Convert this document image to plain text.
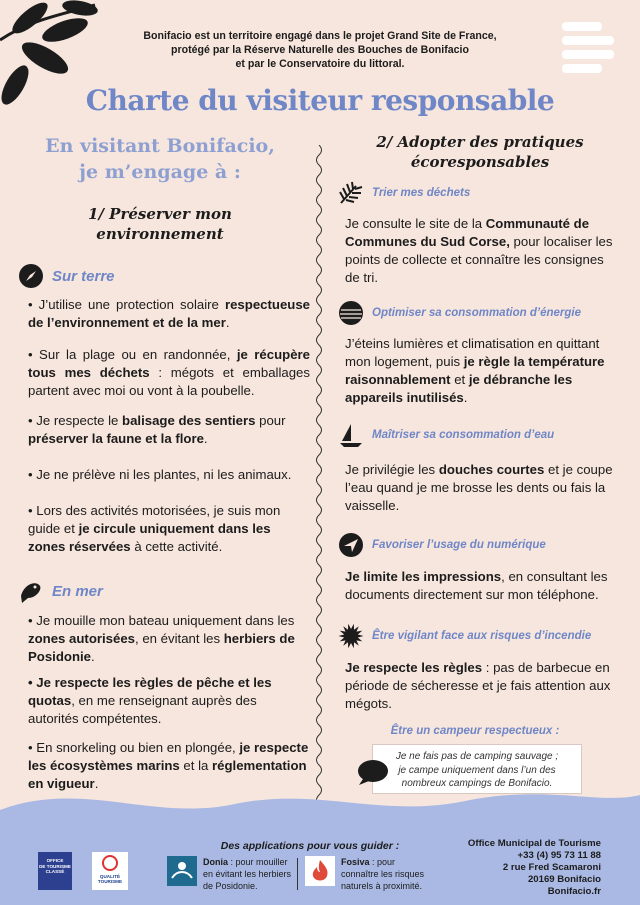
Bonifacio est un territoire engagé dans le projet Grand Site de France,
protégé par la Réserve Naturelle des Bouches de Bonifacio
et par le Conservatoire du littoral.
Charte du visiteur responsable
En visitant Bonifacio,
je m’engage à :
1/ Préserver mon
environnement
Sur terre
• J’utilise une protection solaire respectueuse de l’environnement et de la mer.
• Sur la plage ou en randonnée, je récupère tous mes déchets : mégots et emballages partent avec moi ou vont à la poubelle.
• Je respecte le balisage des sentiers pour préserver la faune et la flore.
• Je ne prélève ni les plantes, ni les animaux.
• Lors des activités motorisées, je suis mon guide et je circule uniquement dans les zones réservées à cette activité.
En mer
• Je mouille mon bateau uniquement dans les zones autorisées, en évitant les herbiers de Posidonie.
• Je respecte les règles de pêche et les quotas, en me renseignant auprès des autorités compétentes.
• En snorkeling ou bien en plongée, je respecte les écosystèmes marins et la réglementation en vigueur.
2/ Adopter des pratiques
écoresponsables
Trier mes déchets
Je consulte le site de la Communauté de Communes du Sud Corse, pour localiser les points de collecte et connaître les consignes de tri.
Optimiser sa consommation d’énergie
J’éteins lumières et climatisation en quittant mon logement, puis je règle la température raisonnablement et je débranche les appareils inutilisés.
Maîtriser sa consommation d’eau
Je privilégie les douches courtes et je coupe l’eau quand je me brosse les dents ou fais la vaisselle.
Favoriser l’usage du numérique
Je limite les impressions, en consultant les documents directement sur mon téléphone.
Être vigilant face aux risques d’incendie
Je respecte les règles : pas de barbecue en période de sécheresse et je fais attention aux mégots.
Être un campeur respectueux :
Je ne fais pas de camping sauvage ;
je campe uniquement dans l’un des
nombreux campings de Bonifacio.
OFFICE
DE TOURISME
CLASSÉ
QUALITÉ
TOURISME
Des applications pour vous guider :
Donia : pour mouiller en évitant les herbiers de Posidonie.
Fosiva : pour connaître les risques naturels à proximité.
Office Municipal de Tourisme
+33 (4) 95 73 11 88
2 rue Fred Scamaroni
20169 Bonifacio
Bonifacio.fr
